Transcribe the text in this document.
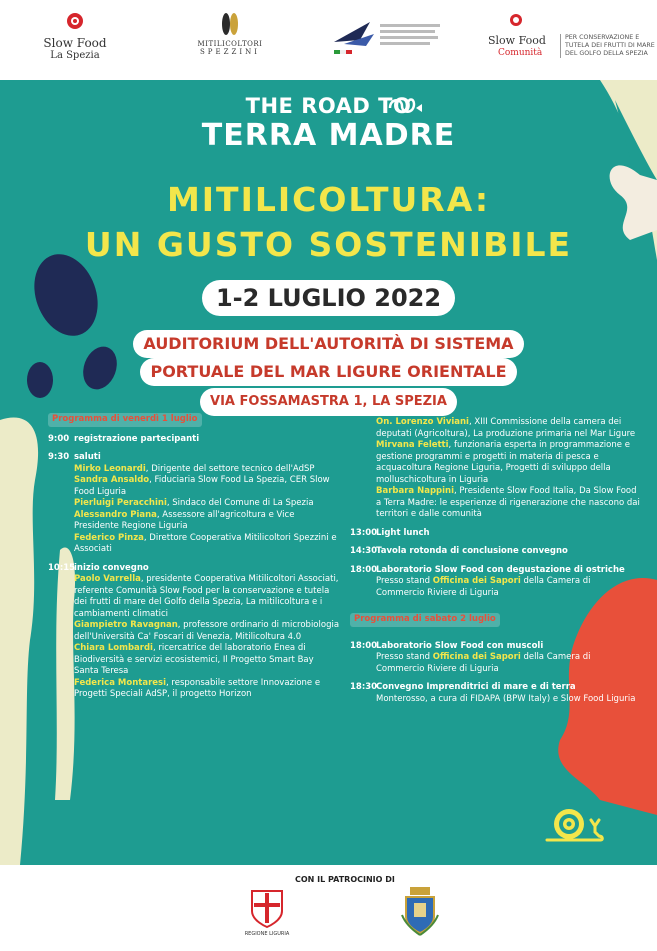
Slow Food
La Spezia
MITILICOLTORI
SPEZZINI
Slow Food
Comunità
PER CONSERVAZIONE E TUTELA DEI FRUTTI DI MARE DEL GOLFO DELLA SPEZIA
THE ROAD TO
TERRA MADRE
MITILICOLTURA:
UN GUSTO SOSTENIBILE
1-2 LUGLIO 2022
AUDITORIUM DELL'AUTORITÀ DI SISTEMA
PORTUALE DEL MAR LIGURE ORIENTALE
VIA FOSSAMASTRA 1, LA SPEZIA
Programma di venerdì 1 luglio
9:00 registrazione partecipanti
9:30 saluti
Mirko Leonardi, Dirigente del settore tecnico dell'AdSP
Sandra Ansaldo, Fiduciaria Slow Food La Spezia, CER Slow Food Liguria
Pierluigi Peracchini, Sindaco del Comune di La Spezia
Alessandro Piana, Assessore all'agricoltura e Vice Presidente Regione Liguria
Federico Pinza, Direttore Cooperativa Mitilicoltori Spezzini e Associati
10:15inizio convegno
Paolo Varrella, presidente Cooperativa Mitilicoltori Associati, referente Comunità Slow Food per la conservazione e tutela dei frutti di mare del Golfo della Spezia, La mitilicoltura e i cambiamenti climatici
Giampietro Ravagnan, professore ordinario di microbiologia dell'Università Ca' Foscari di Venezia, Mitilicoltura 4.0
Chiara Lombardi, ricercatrice del laboratorio Enea di Biodiversità e servizi ecosistemici, Il Progetto Smart Bay Santa Teresa
Federica Montaresi, responsabile settore Innovazione e Progetti Speciali AdSP, il progetto Horizon
On. Lorenzo Viviani, XIII Commissione della camera dei deputati (Agricoltura), La produzione primaria nel Mar Ligure
Mirvana Feletti, funzionaria esperta in programmazione e gestione programmi e progetti in materia di pesca e acquacoltura Regione Liguria, Progetti di sviluppo della molluschicoltura in Liguria
Barbara Nappini, Presidente Slow Food Italia, Da Slow Food a Terra Madre: le esperienze di rigenerazione che nascono dai territori e dalle comunità
13:00Light lunch
14:30Tavola rotonda di conclusione convegno
18:00Laboratorio Slow Food con degustazione di ostriche
Presso stand Officina dei Sapori della Camera di Commercio Riviere di Liguria
Programma di sabato 2 luglio
18:00Laboratorio Slow Food con muscoli
Presso stand Officina dei Sapori della Camera di Commercio Riviere di Liguria
18:30Convegno Imprenditrici di mare e di terra
Monterosso, a cura di FIDAPA (BPW Italy) e Slow Food Liguria
CON IL PATROCINIO DI
REGIONE LIGURIA
